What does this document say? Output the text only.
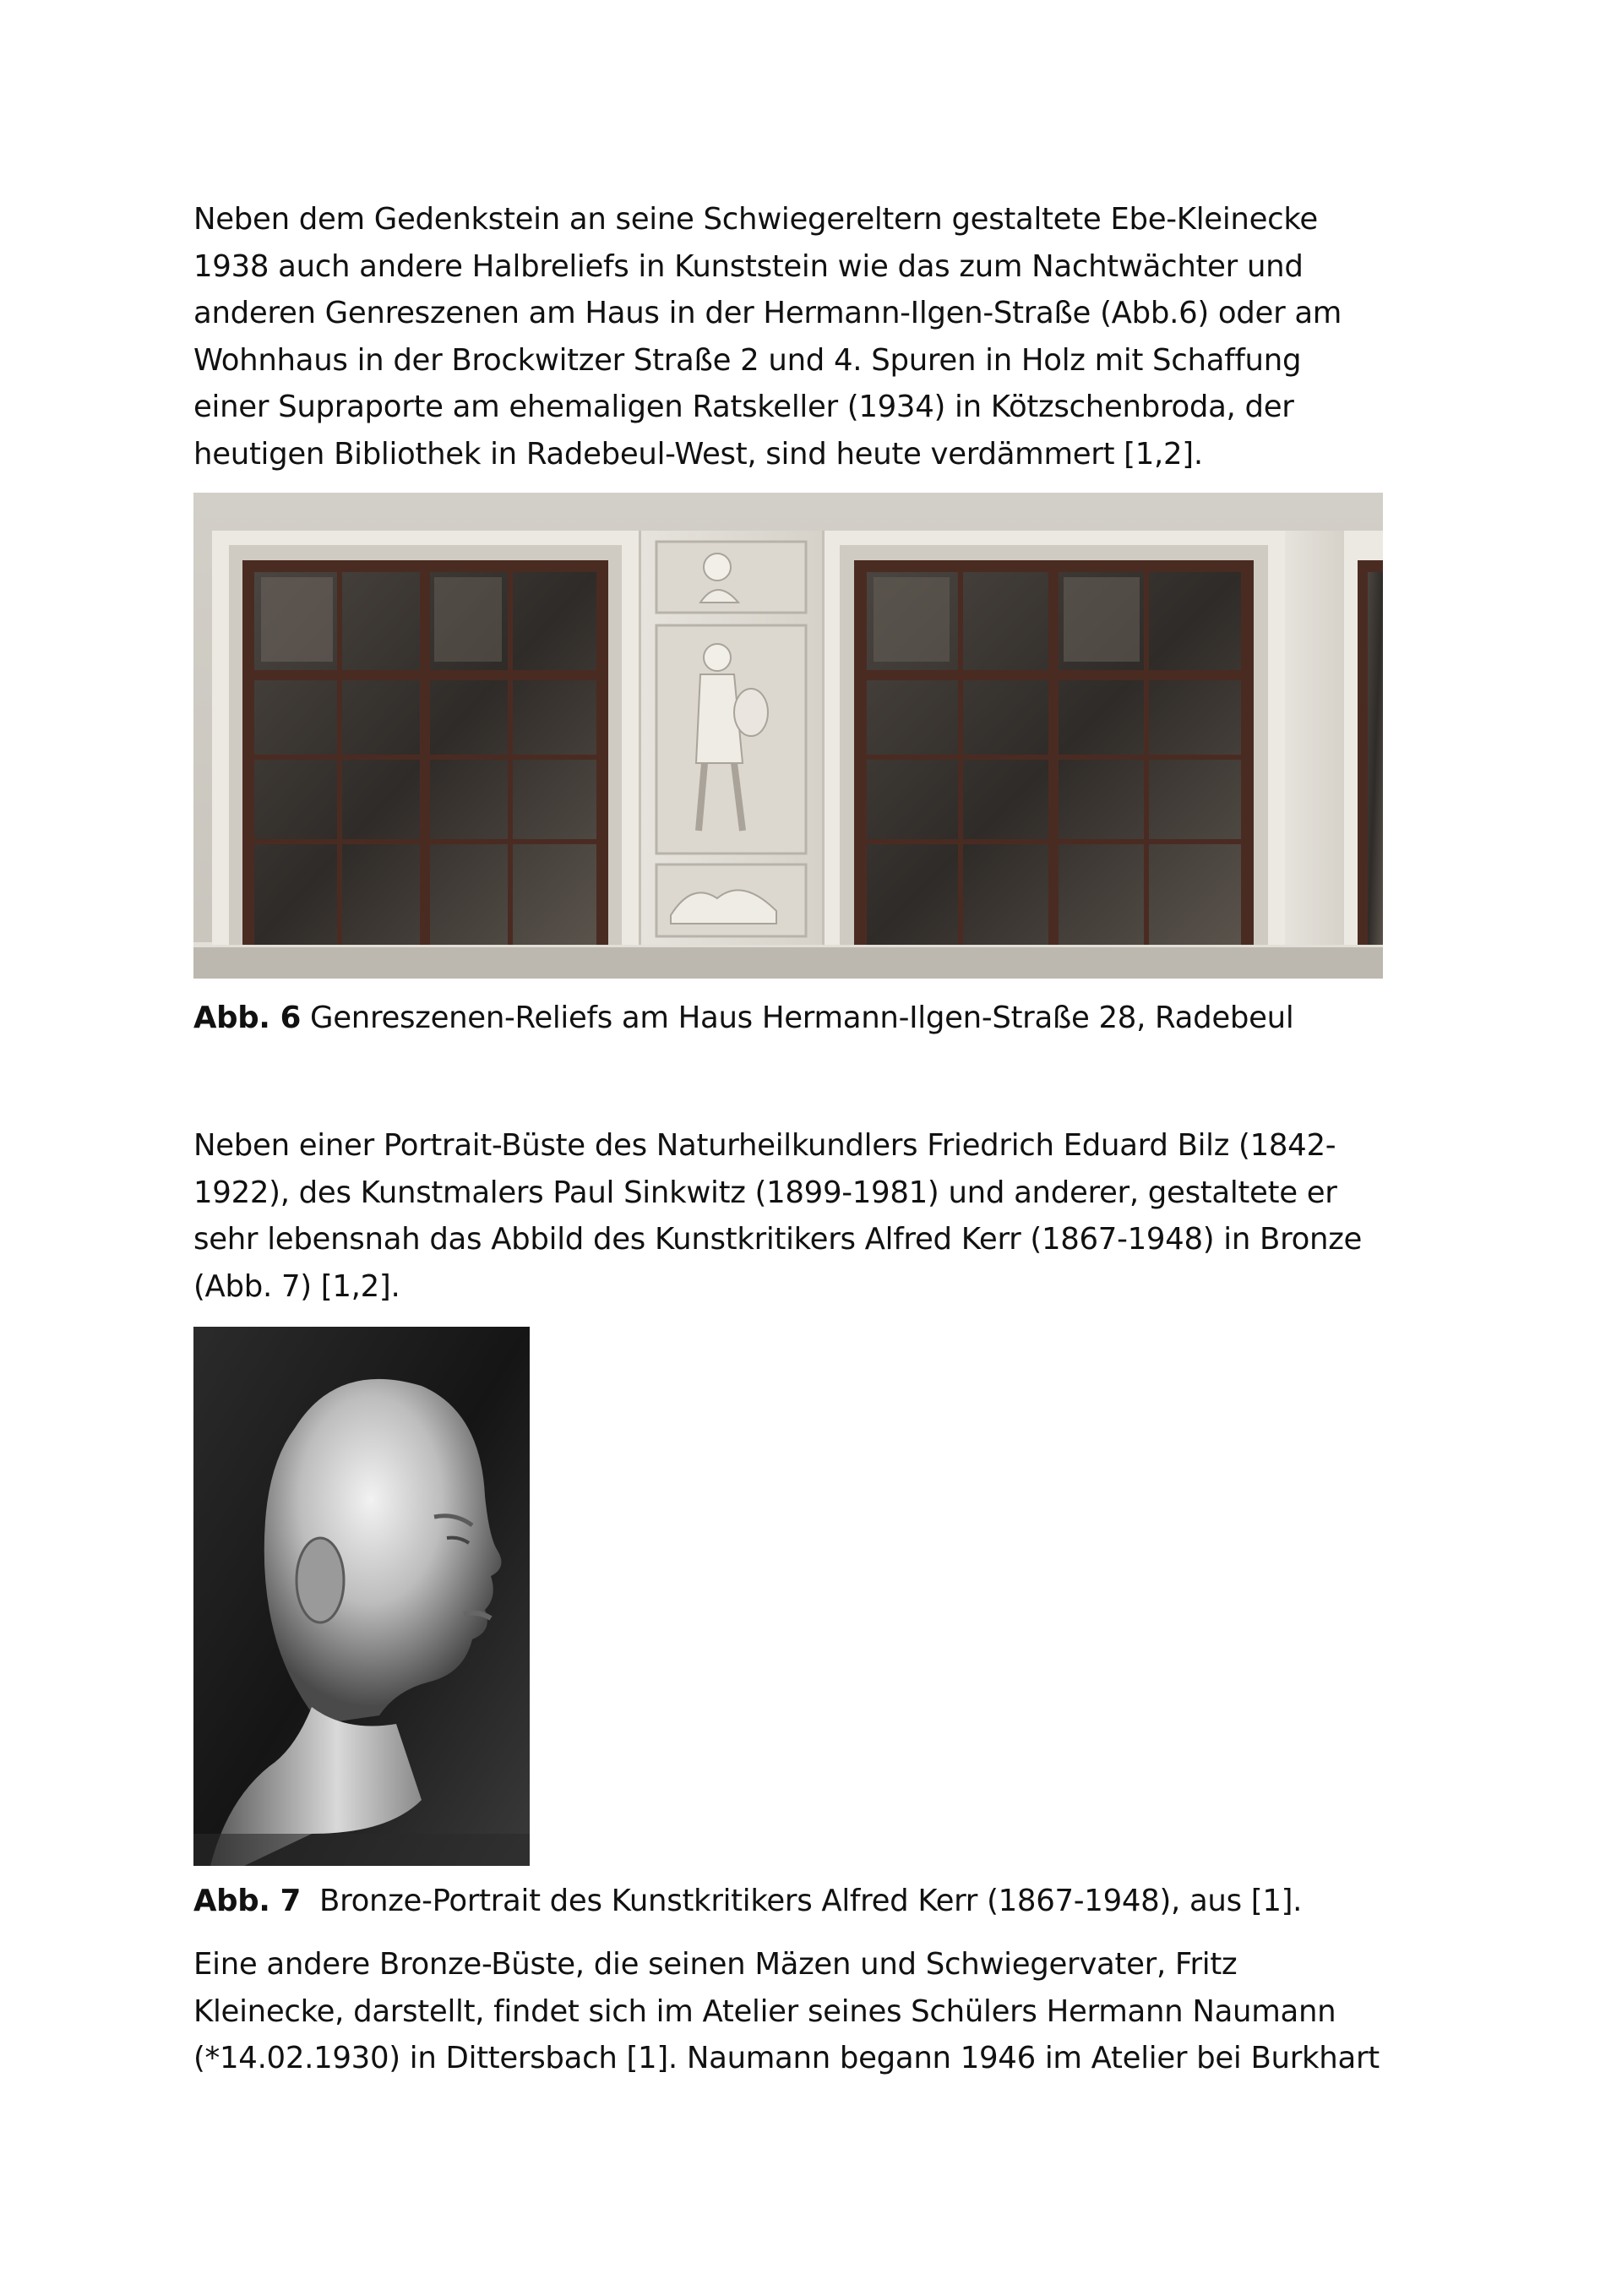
Neben dem Gedenkstein an seine Schwiegereltern gestaltete Ebe-Kleinecke
1938 auch andere Halbreliefs in Kunststein wie das zum Nachtwächter und
anderen Genreszenen am Haus in der Hermann-Ilgen-Straße (Abb.6) oder am
Wohnhaus in der Brockwitzer Straße 2 und 4. Spuren in Holz mit Schaffung
einer Supraporte am ehemaligen Ratskeller (1934) in Kötzschenbroda, der
heutigen Bibliothek in Radebeul-West, sind heute verdämmert [1,2].

Abb. 6 Genreszenen-Reliefs am Haus Hermann-Ilgen-Straße 28, Radebeul

Neben einer Portrait-Büste des Naturheilkundlers Friedrich Eduard Bilz (1842-
1922), des Kunstmalers Paul Sinkwitz (1899-1981) und anderer, gestaltete er
sehr lebensnah das Abbild des Kunstkritikers Alfred Kerr (1867-1948) in Bronze
(Abb. 7) [1,2].

Abb. 7  Bronze-Portrait des Kunstkritikers Alfred Kerr (1867-1948), aus [1].

Eine andere Bronze-Büste, die seinen Mäzen und Schwiegervater, Fritz
Kleinecke, darstellt, findet sich im Atelier seines Schülers Hermann Naumann
(*14.02.1930) in Dittersbach [1]. Naumann begann 1946 im Atelier bei Burkhart
